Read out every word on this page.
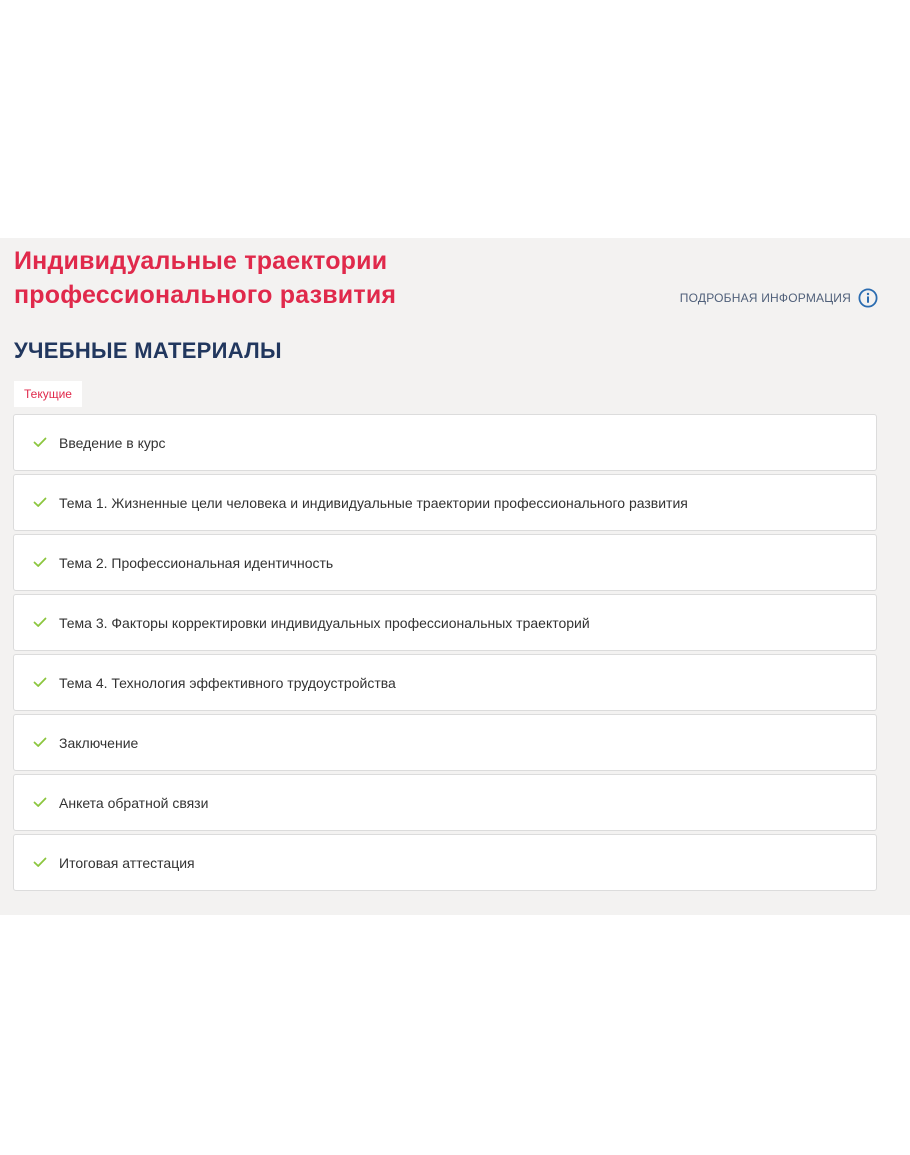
Индивидуальные траектории профессионального развития	ПОДРОБНАЯ ИНФОРМАЦИЯ
УЧЕБНЫЕ МАТЕРИАЛЫ
Текущие
Введение в курс
Тема 1. Жизненные цели человека и индивидуальные траектории профессионального развития
Тема 2. Профессиональная идентичность
Тема 3. Факторы корректировки индивидуальных профессиональных траекторий
Тема 4. Технология эффективного трудоустройства
Заключение
Анкета обратной связи
Итоговая аттестация
